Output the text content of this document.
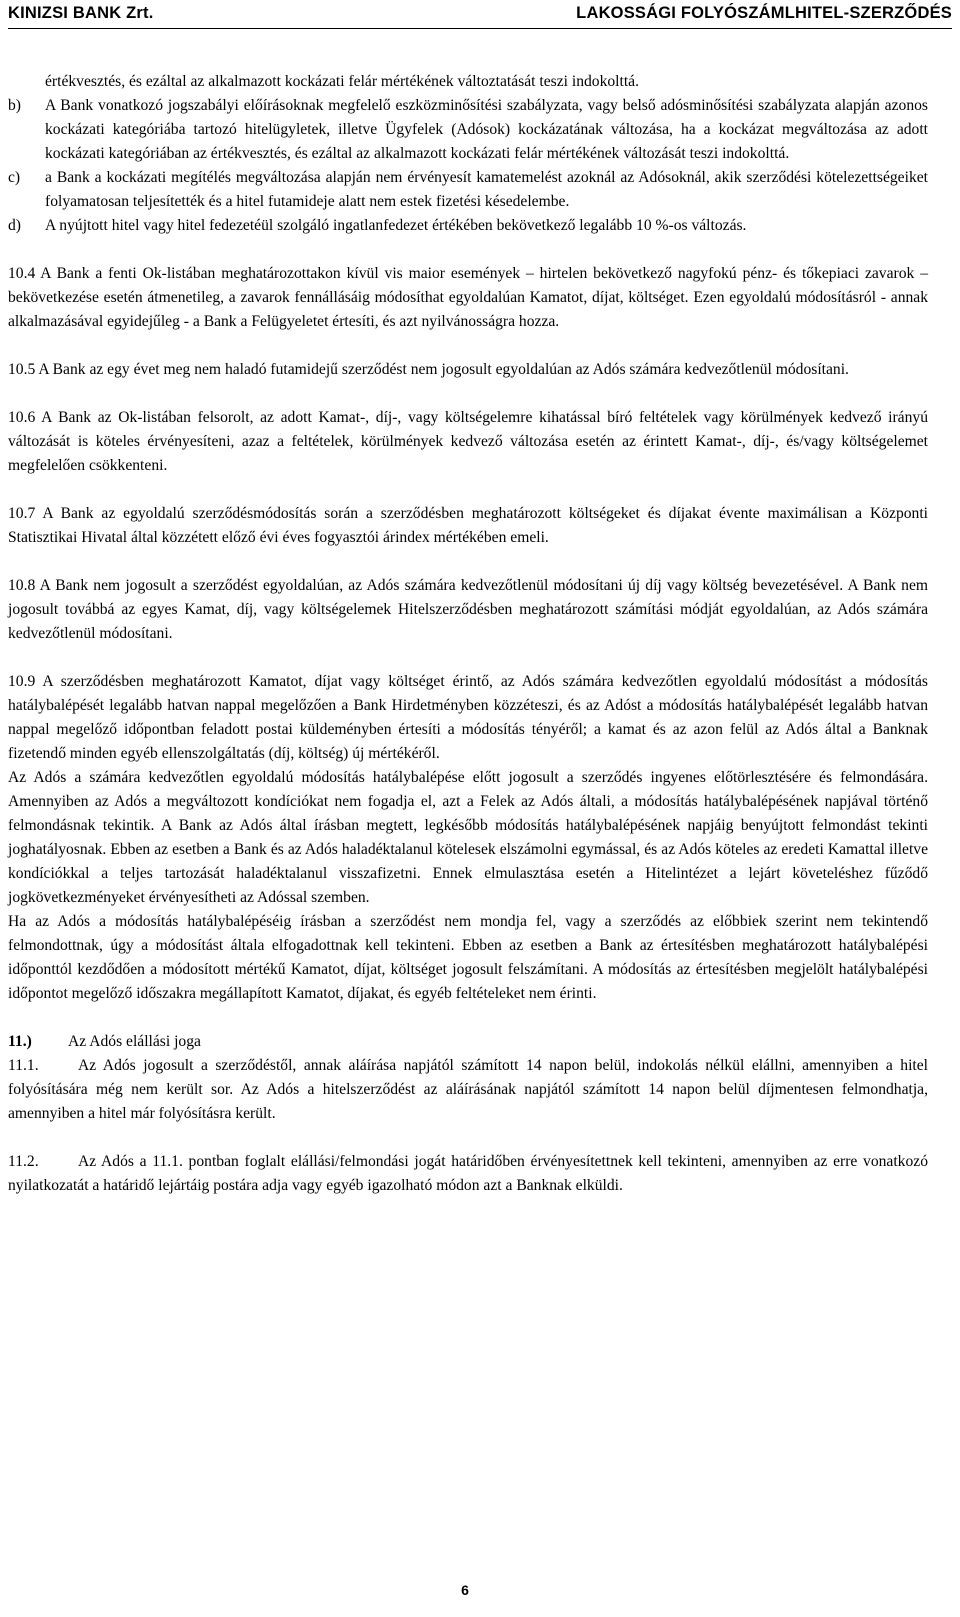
KINIZSI BANK Zrt.	LAKOSSÁGI FOLYÓSZÁMLHITEL-SZERZŐDÉS

értékvesztés, és ezáltal az alkalmazott kockázati felár mértékének változtatását teszi indokolttá.

b) A Bank vonatkozó jogszabályi előírásoknak megfelelő eszközminősítési szabályzata, vagy belső adósminősítési szabályzata alapján azonos kockázati kategóriába tartozó hitelügyletek, illetve Ügyfelek (Adósok) kockázatának változása, ha a kockázat megváltozása az adott kockázati kategóriában az értékvesztés, és ezáltal az alkalmazott kockázati felár mértékének változását teszi indokolttá.
c) a Bank a kockázati megítélés megváltozása alapján nem érvényesít kamatemelést azoknál az Adósoknál, akik szerződési kötelezettségeiket folyamatosan teljesítették és a hitel futamideje alatt nem estek fizetési késedelembe.
d) A nyújtott hitel vagy hitel fedezetéül szolgáló ingatlanfedezet értékében bekövetkező legalább 10 %-os változás.

10.4 A Bank a fenti Ok-listában meghatározottakon kívül vis maior események – hirtelen bekövetkező nagyfokú pénz- és tőkepiaci zavarok – bekövetkezése esetén átmenetileg, a zavarok fennállásáig módosíthat egyoldalúan Kamatot, díjat, költséget. Ezen egyoldalú módosításról - annak alkalmazásával egyidejűleg - a Bank a Felügyeletet értesíti, és azt nyilvánosságra hozza.

10.5 A Bank az egy évet meg nem haladó futamidejű szerződést nem jogosult egyoldalúan az Adós számára kedvezőtlenül módosítani.

10.6 A Bank az Ok-listában felsorolt, az adott Kamat-, díj-, vagy költségelemre kihatással bíró feltételek vagy körülmények kedvező irányú változását is köteles érvényesíteni, azaz a feltételek, körülmények kedvező változása esetén az érintett Kamat-, díj-, és/vagy költségelemet megfelelően csökkenteni.

10.7 A Bank az egyoldalú szerződésmódosítás során a szerződésben meghatározott költségeket és díjakat évente maximálisan a Központi Statisztikai Hivatal által közzétett előző évi éves fogyasztói árindex mértékében emeli.

10.8 A Bank nem jogosult a szerződést egyoldalúan, az Adós számára kedvezőtlenül módosítani új díj vagy költség bevezetésével. A Bank nem jogosult továbbá az egyes Kamat, díj, vagy költségelemek Hitelszerződésben meghatározott számítási módját egyoldalúan, az Adós számára kedvezőtlenül módosítani.

10.9 A szerződésben meghatározott Kamatot, díjat vagy költséget érintő, az Adós számára kedvezőtlen egyoldalú módosítást a módosítás hatálybalépését legalább hatvan nappal megelőzően a Bank Hirdetményben közzéteszi, és az Adóst a módosítás hatálybalépését legalább hatvan nappal megelőző időpontban feladott postai küldeményben értesíti a módosítás tényéről; a kamat és az azon felül az Adós által a Banknak fizetendő minden egyéb ellenszolgáltatás (díj, költség) új mértékéről.

Az Adós a számára kedvezőtlen egyoldalú módosítás hatálybalépése előtt jogosult a szerződés ingyenes előtörlesztésére és felmondására. Amennyiben az Adós a megváltozott kondíciókat nem fogadja el, azt a Felek az Adós általi, a módosítás hatálybalépésének napjával történő felmondásnak tekintik. A Bank az Adós által írásban megtett, legkésőbb módosítás hatálybalépésének napjáig benyújtott felmondást tekinti joghatályosnak. Ebben az esetben a Bank és az Adós haladéktalanul kötelesek elszámolni egymással, és az Adós köteles az eredeti Kamattal illetve kondíciókkal a teljes tartozását haladéktalanul visszafizetni. Ennek elmulasztása esetén a Hitelintézet a lejárt követeléshez fűződő jogkövetkezményeket érvényesítheti az Adóssal szemben.

Ha az Adós a módosítás hatálybalépéséig írásban a szerződést nem mondja fel, vagy a szerződés az előbbiek szerint nem tekintendő felmondottnak, úgy a módosítást általa elfogadottnak kell tekinteni. Ebben az esetben a Bank az értesítésben meghatározott hatálybalépési időponttól kezdődően a módosított mértékű Kamatot, díjat, költséget jogosult felszámítani. A módosítás az értesítésben megjelölt hatálybalépési időpontot megelőző időszakra megállapított Kamatot, díjakat, és egyéb feltételeket nem érinti.

11.) Az Adós elállási joga

11.1.	Az Adós jogosult a szerződéstől, annak aláírása napjától számított 14 napon belül, indokolás nélkül elállni, amennyiben a hitel folyósítására még nem került sor. Az Adós a hitelszerződést az aláírásának napjától számított 14 napon belül díjmentesen felmondhatja, amennyiben a hitel már folyósításra került.

11.2.	Az Adós a 11.1. pontban foglalt elállási/felmondási jogát határidőben érvényesítettnek kell tekinteni, amennyiben az erre vonatkozó nyilatkozatát a határidő lejártáig postára adja vagy egyéb igazolható módon azt a Banknak elküldi.

6
